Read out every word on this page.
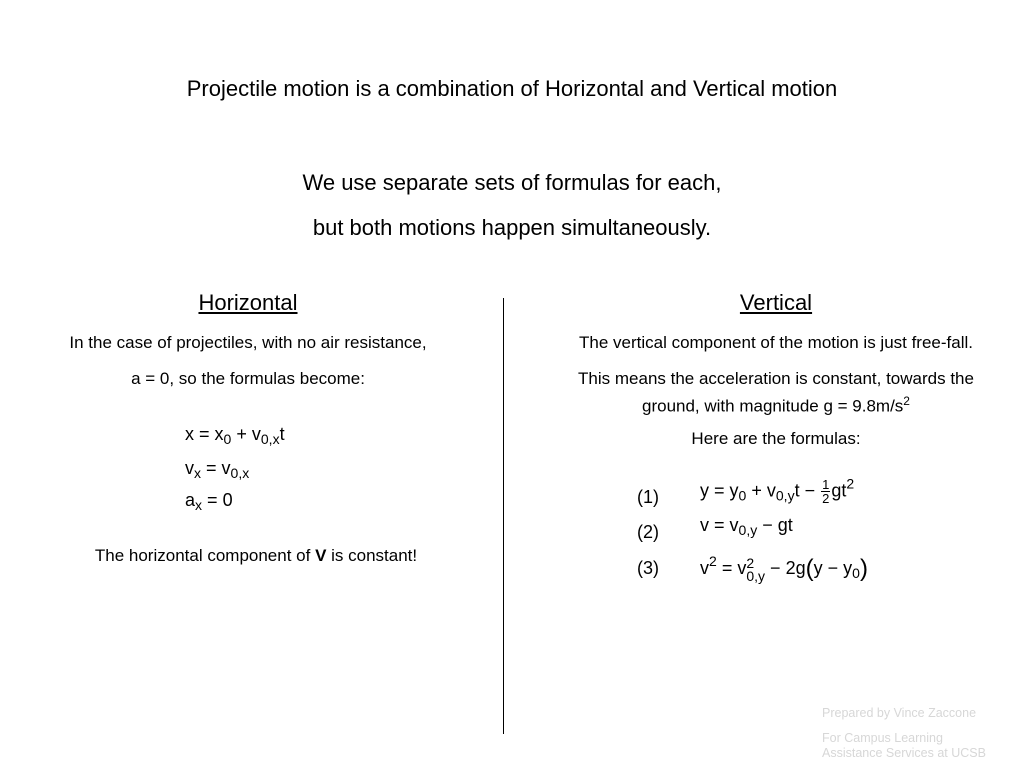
Projectile motion is a combination of Horizontal and Vertical motion
We use separate sets of formulas for each,
but both motions happen simultaneously.
Horizontal
In the case of projectiles, with no air resistance,
a = 0, so the formulas become:
$x = x_0 + v_{0,x}t$
$v_x = v_{0,x}$
$a_x = 0$
The horizontal component of V is constant!
Vertical
The vertical component of the motion is just free-fall.
This means the acceleration is constant, towards the
ground, with magnitude $g = 9.8m/s^2$
Here are the formulas:
(1)
(2)
(3)
$y = y_0 + v_{0,y}t - \frac{1}{2} gt^2$
$v = v_{0,y}$ − gt
$v^2 = v$ 2
$0,y - 2g(y - y_0)$
Prepared by Vince Zaccone
For Campus Learning
Assistance Services at UCSB
